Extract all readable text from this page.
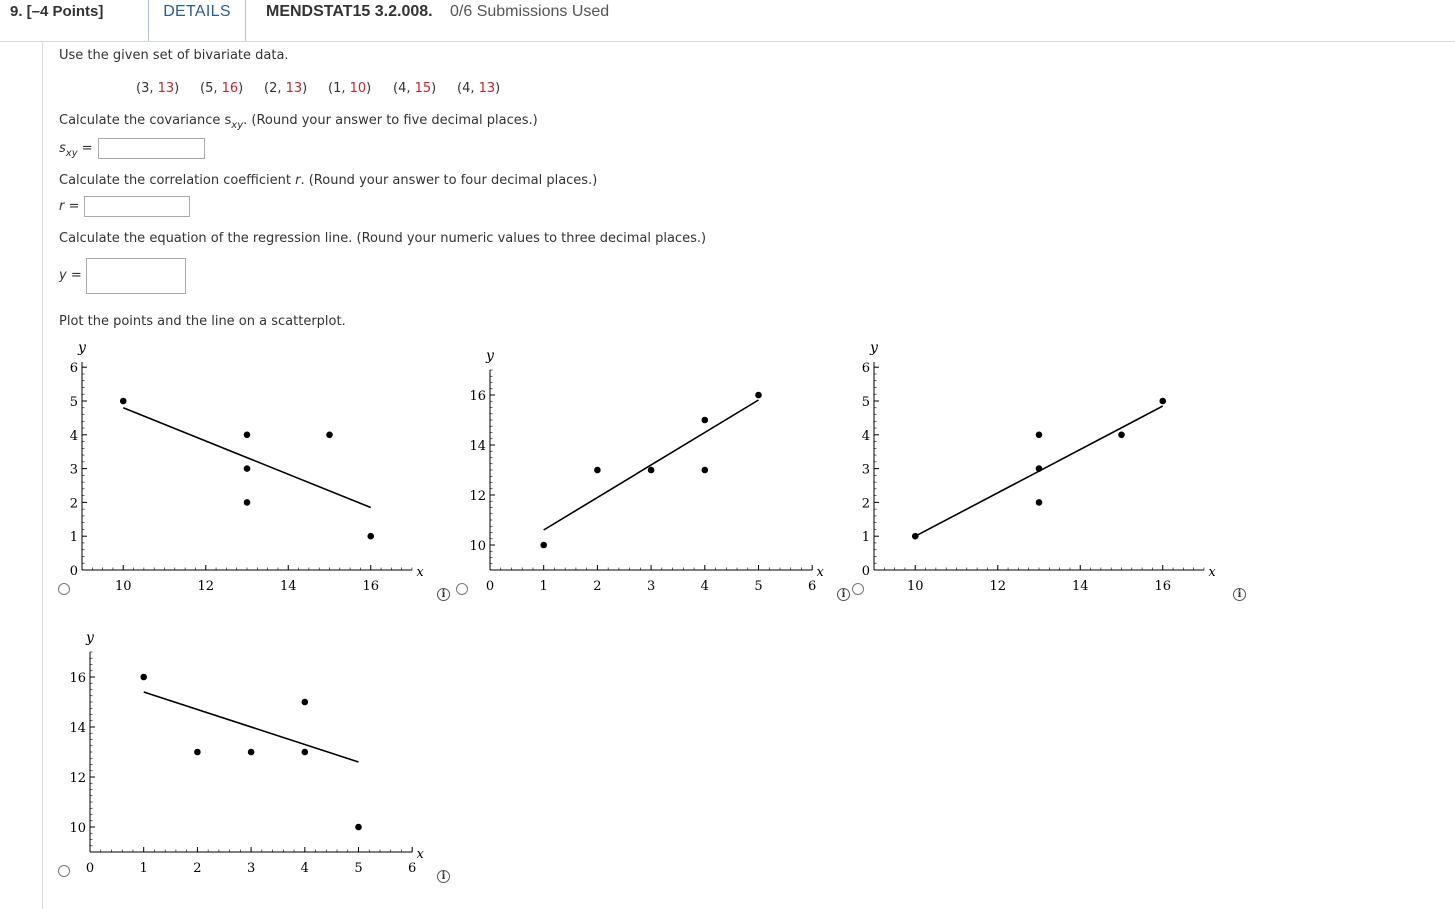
9. [–4 Points]	DETAILS	MENDSTAT15 3.2.008. 0/6 Submissions Used
Use the given set of bivariate data.
(3, 13) (5, 16) (2, 13) (1, 10) (4, 15) (4, 13)
Calculate the covariance $s_{xy}$. (Round your answer to five decimal places.)
$s_{xy}$ =
Calculate the correlation coefficient r. (Round your answer to four decimal places.)
r =
Calculate the equation of the regression line. (Round your numeric values to three decimal places.)
y =
Plot the points and the line on a scatterplot.
i	i	i
i
10	12	14	16
0
1
2
3
4
5
6
x
y
0	1	2	3	4	5	6
10
12
14
16
x
y
10	12	14	16
0
1
2
3
4
5
6
x
y
0	1	2	3	4	5	6
10
12
14
16
x
y
